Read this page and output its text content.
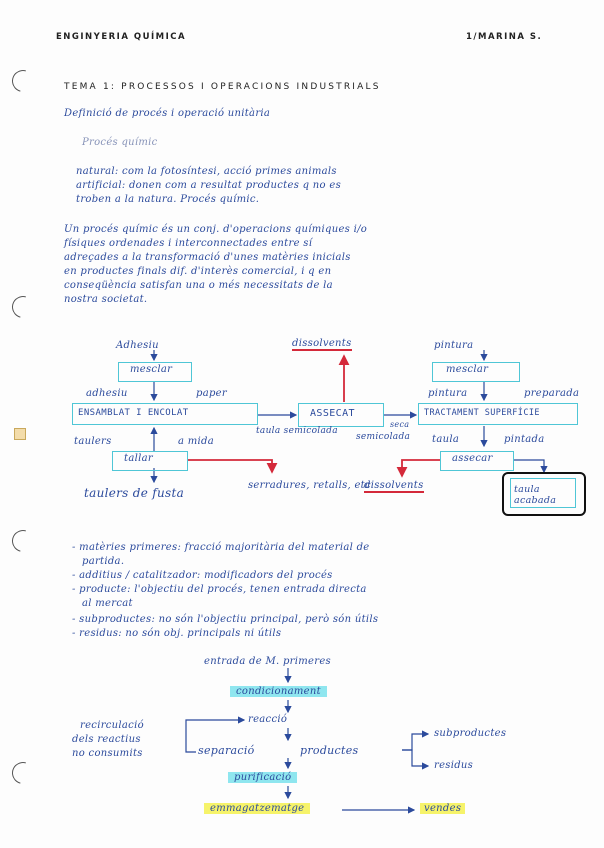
ENGINYERIA QUÍMICA	1/MARINA S.
TEMA 1: PROCESSOS I OPERACIONS INDUSTRIALS
Definició de procés i operació unitària
Procés químic
natural: com la fotosíntesi, acció primes animals
artificial: donen com a resultat productes q no es
troben a la natura. Procés químic.
Un procés químic és un conj. d'operacions químiques i/o
físiques ordenades i interconnectades entre sí
adreçades a la transformació d'unes matèries inicials
en productes finals dif. d'interès comercial, i q en
conseqüència satisfan una o més necessitats de la
nostra societat.
Adhesiu
mesclar
adhesiu	paper
ENSAMBLAT I ENCOLAT
taulers	a mida
tallar
taulers de fusta
serradures, retalls, etc
dissolvents
ASSECAT
taula semicolada
seca
semicolada taula
pintura
mesclar
pintura	preparada
TRACTAMENT SUPERFÍCIE
pintada
assecar
dissolvents	taula acabada
- matèries primeres: fracció majoritària del material de
partida.
- additius / catalitzador: modificadors del procés
- producte: l'objectiu del procés, tenen entrada directa
al mercat
- subproductes: no són l'objectiu principal, però són útils
- residus: no són obj. principals ni útils
entrada de M. primeres
condicionament
reacció
recirculació
dels reactius
no consumits	separació	productes
subproductes
residus
purificació
emmagatzematge	vendes
